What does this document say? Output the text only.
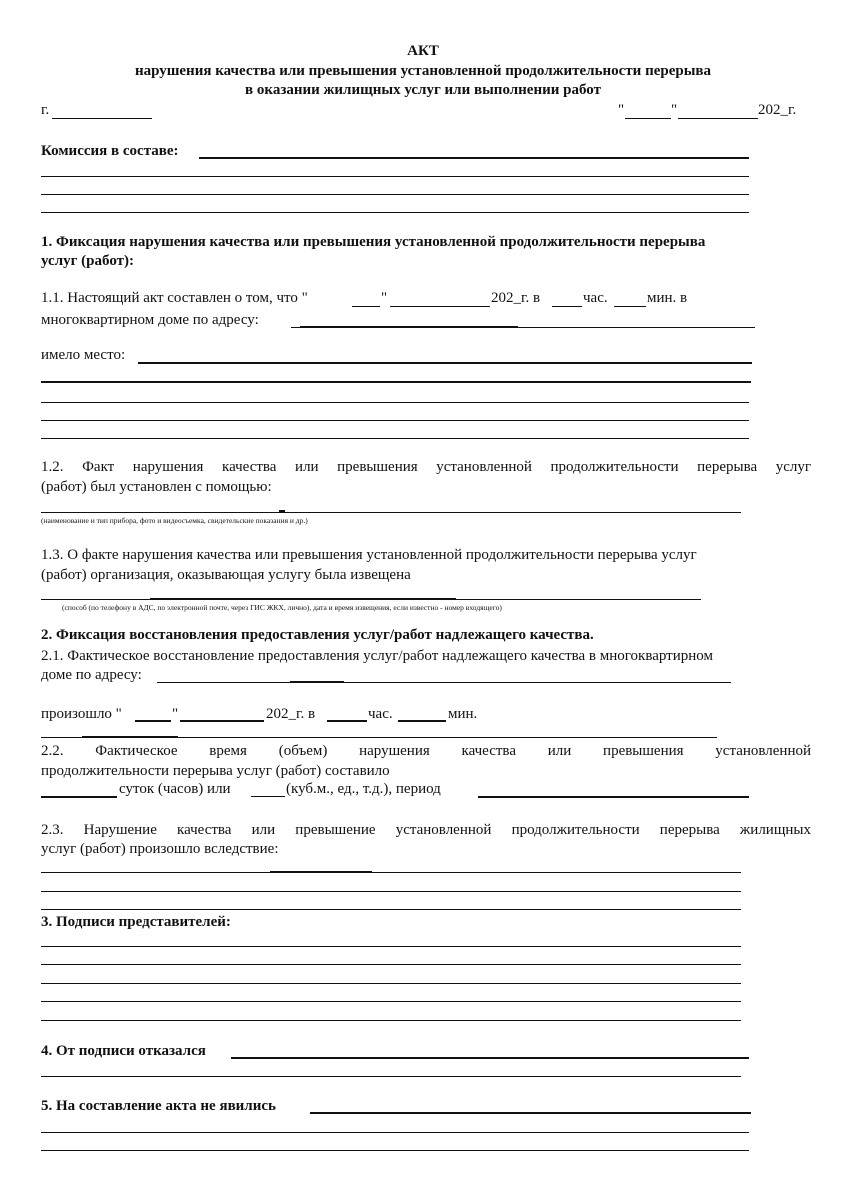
АКТ
нарушения качества или превышения установленной продолжительности перерыва
в оказании жилищных услуг или выполнении работ
г.	"	"	202_г.
Комиссия в составе:
1. Фиксация нарушения качества или превышения установленной продолжительности перерыва
услуг (работ):
1.1. Настоящий акт составлен о том, что "	"	202_г. в	час.	мин. в
многоквартирном доме по адресу:
имело место:
1.2. Факт нарушения качества или превышения установленной продолжительности перерыва услуг
(работ) был установлен с помощью:
(наименование и тип прибора, фото и видеосъемка, свидетельские показания и др.)
1.3. О факте нарушения качества или превышения установленной продолжительности перерыва услуг
(работ) организация, оказывающая услугу была извещена
(способ (по телефону в АДС, по электронной почте, через ГИС ЖКХ, лично), дата и время извещения, если известно - номер входящего)
2. Фиксация восстановления предоставления услуг/работ надлежащего качества.
2.1. Фактическое восстановление предоставления услуг/работ надлежащего качества в многоквартирном
доме по адресу:
произошло "	"	202_г. в	час.	мин.
2.2. Фактическое время (объем) нарушения качества или превышения установленной
продолжительности перерыва услуг (работ) составило
суток (часов) или	(куб.м., ед., т.д.), период
2.3. Нарушение качества или превышение установленной продолжительности перерыва жилищных
услуг (работ) произошло вследствие:
3. Подписи представителей:
4. От подписи отказался
5. На составление акта не явились
